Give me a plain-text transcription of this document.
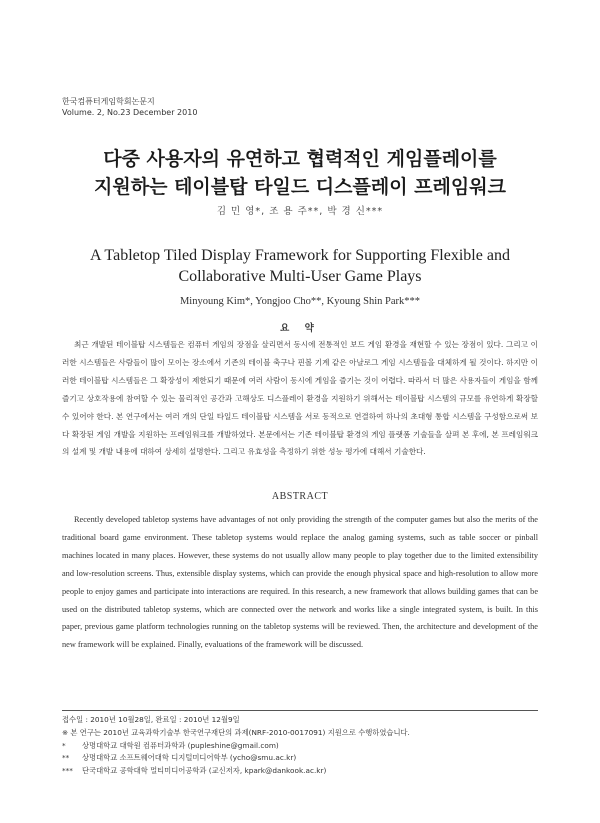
한국컴퓨터게임학회논문지
Volume. 2, No.23 December 2010
다중 사용자의 유연하고 협력적인 게임플레이를
지원하는 테이블탑 타일드 디스플레이 프레임워크
김 민 영*, 조 용 주**, 박 경 신***
A Tabletop Tiled Display Framework for Supporting Flexible and
Collaborative Multi-User Game Plays
Minyoung Kim*, Yongjoo Cho**, Kyoung Shin Park***
요 약
최근 개발된 테이블탑 시스템들은 컴퓨터 게임의 장점을 살리면서 동시에 전통적인 보드 게임 환경을 재현할 수 있는 장점이 있다. 그리고 이러한 시스템들은 사람들이 많이 모이는 장소에서 기존의 테이블 축구나 핀볼 기계 같은 아날로그 게임 시스템들을 대체하게 될 것이다. 하지만 이러한 테이블탑 시스템들은 그 확장성이 제한되기 때문에 여러 사람이 동시에 게임을 즐기는 것이 어렵다. 따라서 더 많은 사용자들이 게임을 함께 즐기고 상호작용에 참여할 수 있는 물리적인 공간과 고해상도 디스플레이 환경을 지원하기 위해서는 테이블탑 시스템의 규모를 유연하게 확장할 수 있어야 한다. 본 연구에서는 여러 개의 단일 타일드 테이블탑 시스템을 서로 동적으로 연결하여 하나의 초대형 통합 시스템을 구성함으로써 보다 확장된 게임 개발을 지원하는 프레임워크를 개발하였다. 본문에서는 기존 테이블탑 환경의 게임 플랫폼 기술들을 살펴 본 후에, 본 프레임워크의 설계 및 개발 내용에 대하여 상세히 설명한다. 그리고 유효성을 측정하기 위한 성능 평가에 대해서 기술한다.
ABSTRACT
Recently developed tabletop systems have advantages of not only providing the strength of the computer games but also the merits of the traditional board game environment. These tabletop systems would replace the analog gaming systems, such as table soccer or pinball machines located in many places. However, these systems do not usually allow many people to play together due to the limited extensibility and low-resolution screens. Thus, extensible display systems, which can provide the enough physical space and high-resolution to allow more people to enjoy games and participate into interactions are required. In this research, a new framework that allows building games that can be used on the distributed tabletop systems, which are connected over the network and works like a single integrated system, is built. In this paper, previous game platform technologies running on the tabletop systems will be reviewed. Then, the architecture and development of the new framework will be explained. Finally, evaluations of the framework will be discussed.
접수일 : 2010년 10월28일, 완료일 : 2010년 12월9일
※ 본 연구는 2010년 교육과학기술부 한국연구재단의 과제(NRF-2010-0017091) 지원으로 수행하였습니다.
* 상명대학교 대학원 컴퓨터과학과 (pupleshine@gmail.com)
** 상명대학교 소프트웨어대학 디지털미디어학부 (ycho@smu.ac.kr)
*** 단국대학교 공학대학 멀티미디어공학과 (교신저자, kpark@dankook.ac.kr)
